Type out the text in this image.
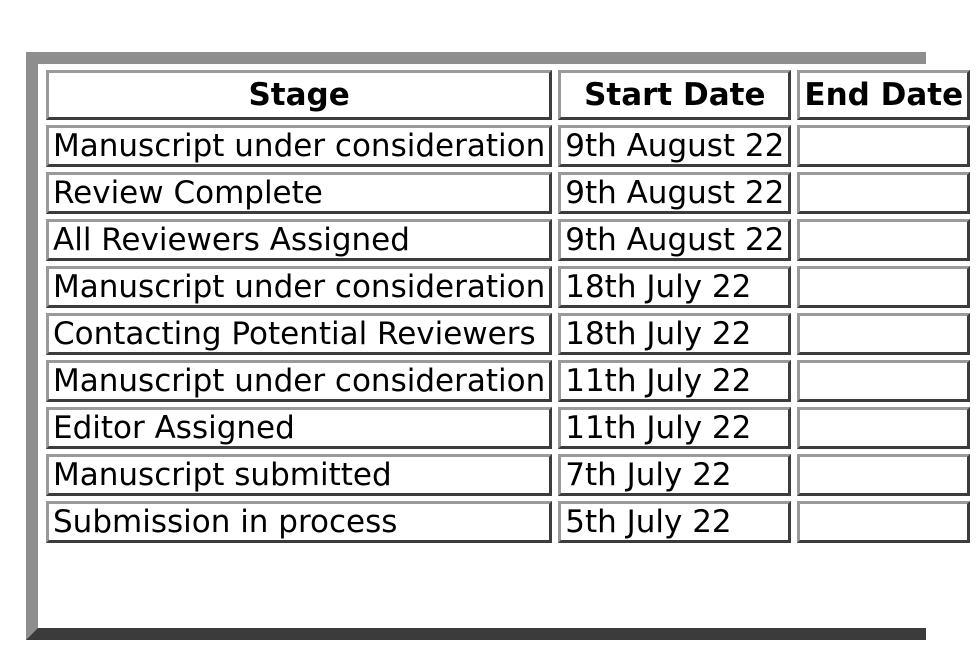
Stage	Start Date	End Date
Manuscript under consideration	9th August 22	
Review Complete	9th August 22	
All Reviewers Assigned	9th August 22	
Manuscript under consideration	18th July 22	
Contacting Potential Reviewers	18th July 22	
Manuscript under consideration	11th July 22	
Editor Assigned	11th July 22	
Manuscript submitted	7th July 22	
Submission in process	5th July 22	
